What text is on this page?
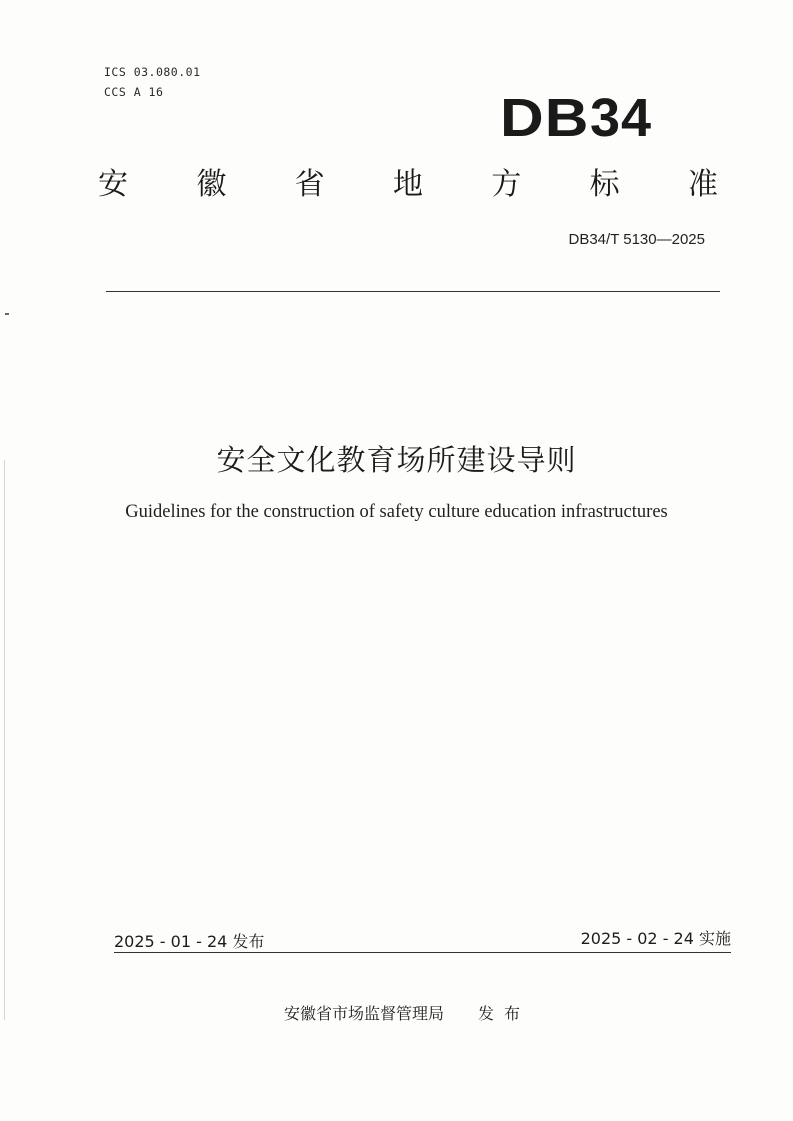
ICS 03.080.01
CCS A 16	DB34
安 徽 省 地 方 标 准
DB34/T 5130—2025
安全文化教育场所建设导则
Guidelines for the construction of safety culture education infrastructures
2025 - 01 - 24 发布	2025 - 02 - 24 实施
安徽省市场监督管理局 发布
